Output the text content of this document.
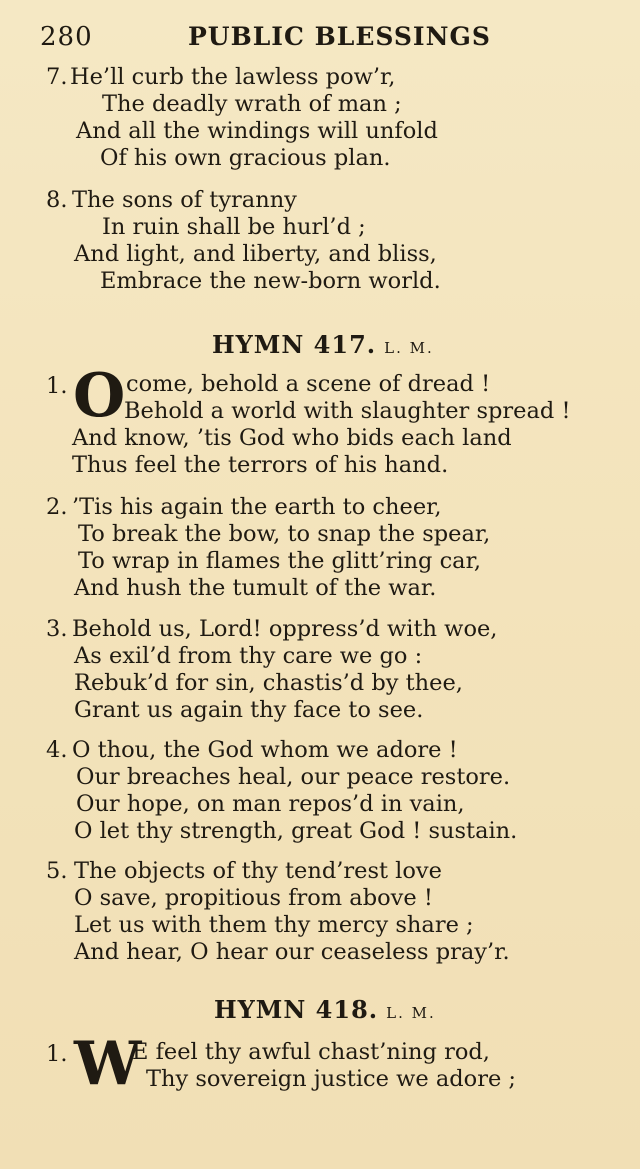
280	PUBLIC BLESSINGS
7. He’ll curb the lawless pow’r,
The deadly wrath of man ;
And all the windings will unfold
Of his own gracious plan.
8. The sons of tyranny
In ruin shall be hurl’d ;
And light, and liberty, and bliss,
Embrace the new-born world.
HYMN 417. L. M.
1. O come, behold a scene of dread !
Behold a world with slaughter spread !
And know, ’tis God who bids each land
Thus feel the terrors of his hand.
2. ’Tis his again the earth to cheer,
To break the bow, to snap the spear,
To wrap in flames the glitt’ring car,
And hush the tumult of the war.
3. Behold us, Lord! oppress’d with woe,
As exil’d from thy care we go :
Rebuk’d for sin, chastis’d by thee,
Grant us again thy face to see.
4. O thou, the God whom we adore !
Our breaches heal, our peace restore.
Our hope, on man repos’d in vain,
O let thy strength, great God ! sustain.
5. The objects of thy tend’rest love
O save, propitious from above !
Let us with them thy mercy share ;
And hear, O hear our ceaseless pray’r.
HYMN 418. L. M.
1. W
E feel thy awful chast’ning rod,
Thy sovereign justice we adore ;
